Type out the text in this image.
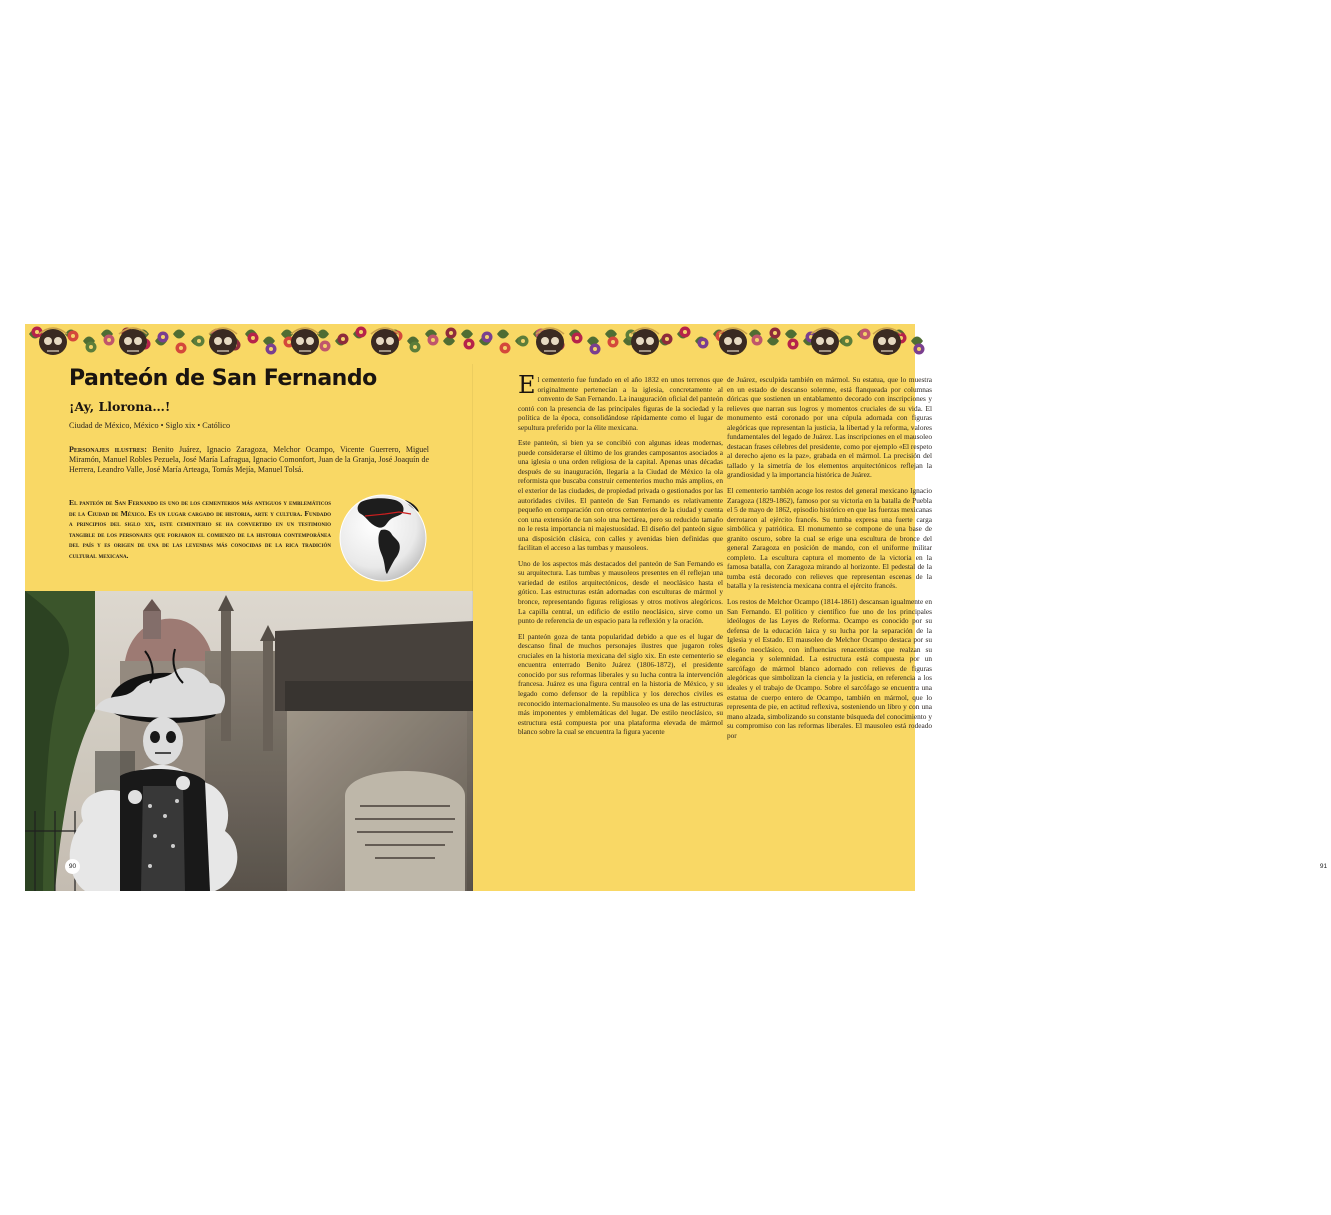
Panteón de San Fernando
¡Ay, Llorona…!

Ciudad de México, México • Siglo xix • Católico

Personajes ilustres: Benito Juárez, Ignacio Zaragoza, Melchor Ocampo, Vicente Guerrero, Miguel Miramón, Manuel Robles Pezuela, José María Lafragua, Ignacio Comonfort, Juan de la Granja, José Joaquín de Herrera, Leandro Valle, José María Arteaga, Tomás Mejía, Manuel Tolsá.

El panteón de San Fernando es uno de los cementerios más antiguos y emblemáticos de la Ciudad de México. Es un lugar cargado de historia, arte y cultura. Fundado a principios del siglo xix, este cementerio se ha convertido en un testimonio tangible de los personajes que forjaron el comienzo de la historia contemporánea del país y es origen de una de las leyendas más conocidas de la rica tradición cultural mexicana.

90

El cementerio fue fundado en el año 1832 en unos terrenos que originalmente pertenecían a la iglesia, concretamente al convento de San Fernando. La inauguración oficial del panteón contó con la presencia de las principales figuras de la sociedad y la política de la época, consolidándose rápidamente como el lugar de sepultura preferido por la élite mexicana.

Este panteón, si bien ya se concibió con algunas ideas modernas, puede considerarse el último de los grandes camposantos asociados a una iglesia o una orden religiosa de la capital. Apenas unas décadas después de su inauguración, llegaría a la Ciudad de México la ola reformista que buscaba construir cementerios mucho más amplios, en el exterior de las ciudades, de propiedad privada o gestionados por las autoridades civiles. El panteón de San Fernando es relativamente pequeño en comparación con otros cementerios de la ciudad y cuenta con una extensión de tan solo una hectárea, pero su reducido tamaño no le resta importancia ni majestuosidad. El diseño del panteón sigue una disposición clásica, con calles y avenidas bien definidas que facilitan el acceso a las tumbas y mausoleos.

Uno de los aspectos más destacados del panteón de San Fernando es su arquitectura. Las tumbas y mausoleos presentes en él reflejan una variedad de estilos arquitectónicos, desde el neoclásico hasta el gótico. Las estructuras están adornadas con esculturas de mármol y bronce, representando figuras religiosas y otros motivos alegóricos. La capilla central, un edificio de estilo neoclásico, sirve como un punto de referencia de un espacio para la reflexión y la oración.

El panteón goza de tanta popularidad debido a que es el lugar de descanso final de muchos personajes ilustres que jugaron roles cruciales en la historia mexicana del siglo xix. En este cementerio se encuentra enterrado Benito Juárez (1806-1872), el presidente conocido por sus reformas liberales y su lucha contra la intervención francesa. Juárez es una figura central en la historia de México, y su legado como defensor de la república y los derechos civiles es reconocido internacionalmente. Su mausoleo es una de las estructuras más imponentes y emblemáticas del lugar. De estilo neoclásico, su estructura está compuesta por una plataforma elevada de mármol blanco sobre la cual se encuentra la figura yacente

de Juárez, esculpida también en mármol. Su estatua, que lo muestra en un estado de descanso solemne, está flanqueada por columnas dóricas que sostienen un entablamento decorado con inscripciones y relieves que narran sus logros y momentos cruciales de su vida. El monumento está coronado por una cúpula adornada con figuras alegóricas que representan la justicia, la libertad y la reforma, valores fundamentales del legado de Juárez. Las inscripciones en el mausoleo destacan frases célebres del presidente, como por ejemplo «El respeto al derecho ajeno es la paz», grabada en el mármol. La precisión del tallado y la simetría de los elementos arquitectónicos reflejan la grandiosidad y la importancia histórica de Juárez.

El cementerio también acoge los restos del general mexicano Ignacio Zaragoza (1829-1862), famoso por su victoria en la batalla de Puebla el 5 de mayo de 1862, episodio histórico en que las fuerzas mexicanas derrotaron al ejército francés. Su tumba expresa una fuerte carga simbólica y patriótica. El monumento se compone de una base de granito oscuro, sobre la cual se erige una escultura de bronce del general Zaragoza en posición de mando, con el uniforme militar completo. La escultura captura el momento de la victoria en la famosa batalla, con Zaragoza mirando al horizonte. El pedestal de la tumba está decorado con relieves que representan escenas de la batalla y la resistencia mexicana contra el ejército francés.

Los restos de Melchor Ocampo (1814-1861) descansan igualmente en San Fernando. El político y científico fue uno de los principales ideólogos de las Leyes de Reforma. Ocampo es conocido por su defensa de la educación laica y su lucha por la separación de la Iglesia y el Estado. El mausoleo de Melchor Ocampo destaca por su diseño neoclásico, con influencias renacentistas que realzan su elegancia y solemnidad. La estructura está compuesta por un sarcófago de mármol blanco adornado con relieves de figuras alegóricas que simbolizan la ciencia y la justicia, en referencia a los ideales y el trabajo de Ocampo. Sobre el sarcófago se encuentra una estatua de cuerpo entero de Ocampo, también en mármol, que lo representa de pie, en actitud reflexiva, sosteniendo un libro y con una mano alzada, simbolizando su constante búsqueda del conocimiento y su compromiso con las reformas liberales. El mausoleo está rodeado por

91
